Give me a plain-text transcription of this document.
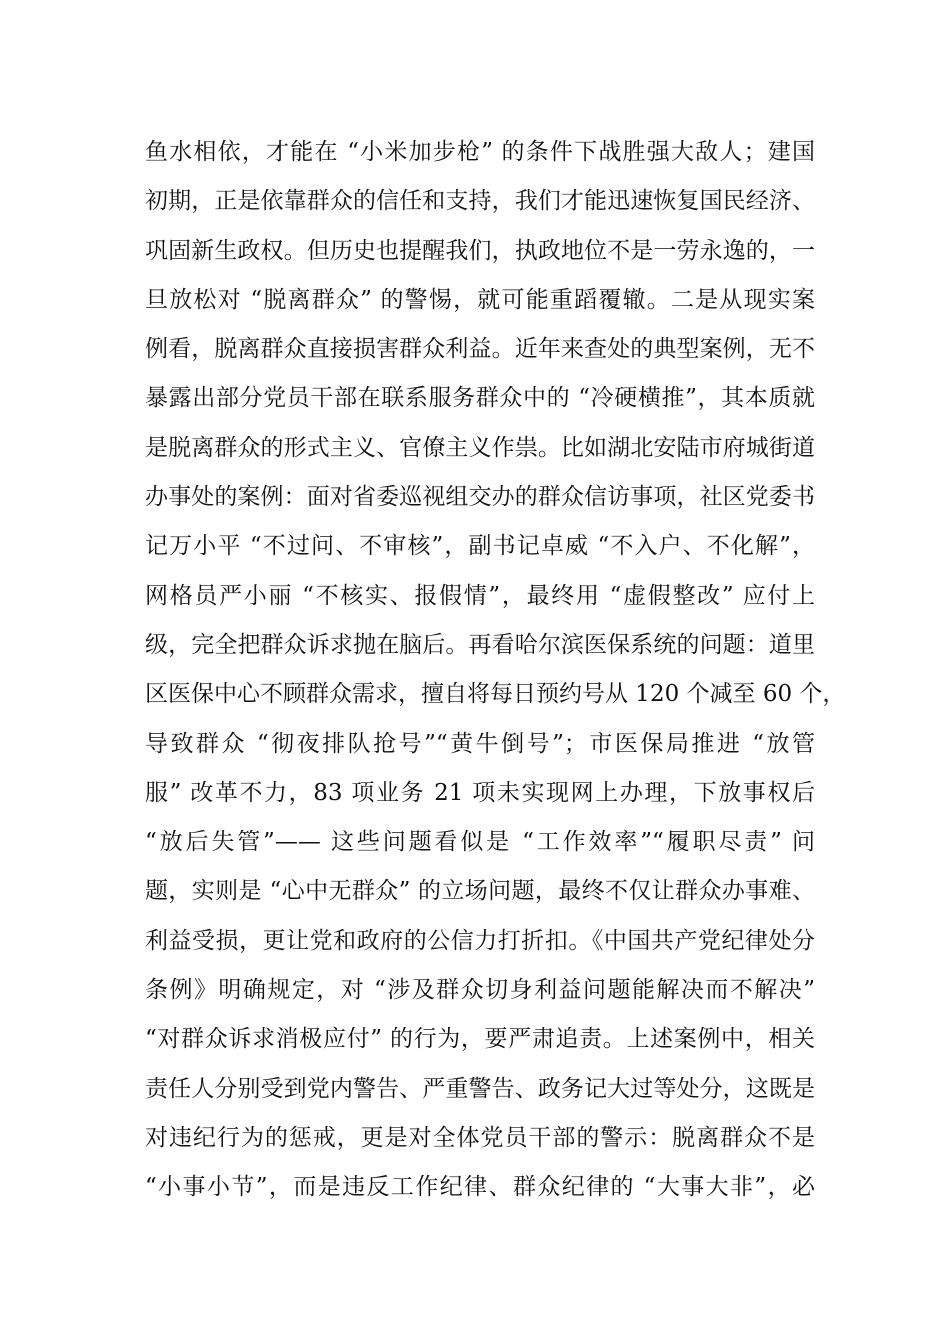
鱼水相依，才能在 “小米加步枪” 的条件下战胜强大敌人；建国
初期，正是依靠群众的信任和支持，我们才能迅速恢复国民经济、
巩固新生政权。但历史也提醒我们，执政地位不是一劳永逸的，一
旦放松对 “脱离群众” 的警惕，就可能重蹈覆辙。二是从现实案
例看，脱离群众直接损害群众利益。近年来查处的典型案例，无不
暴露出部分党员干部在联系服务群众中的 “冷硬横推”，其本质就
是脱离群众的形式主义、官僚主义作祟。比如湖北安陆市府城街道
办事处的案例：面对省委巡视组交办的群众信访事项，社区党委书
记万小平 “不过问、不审核”，副书记卓威 “不入户、不化解”，
网格员严小丽 “不核实、报假情”，最终用 “虚假整改” 应付上
级，完全把群众诉求抛在脑后。再看哈尔滨医保系统的问题：道里
区医保中心不顾群众需求，擅自将每日预约号从 120 个减至 60 个，
导致群众 “彻夜排队抢号”“黄牛倒号”；市医保局推进 “放管
服” 改革不力，83 项业务 21 项未实现网上办理，下放事权后
“放后失管”—— 这些问题看似是 “工作效率”“履职尽责” 问
题，实则是 “心中无群众” 的立场问题，最终不仅让群众办事难、
利益受损，更让党和政府的公信力打折扣。《中国共产党纪律处分
条例》明确规定，对 “涉及群众切身利益问题能解决而不解决”
“对群众诉求消极应付” 的行为，要严肃追责。上述案例中，相关
责任人分别受到党内警告、严重警告、政务记大过等处分，这既是
对违纪行为的惩戒，更是对全体党员干部的警示：脱离群众不是
“小事小节”，而是违反工作纪律、群众纪律的 “大事大非”，必
